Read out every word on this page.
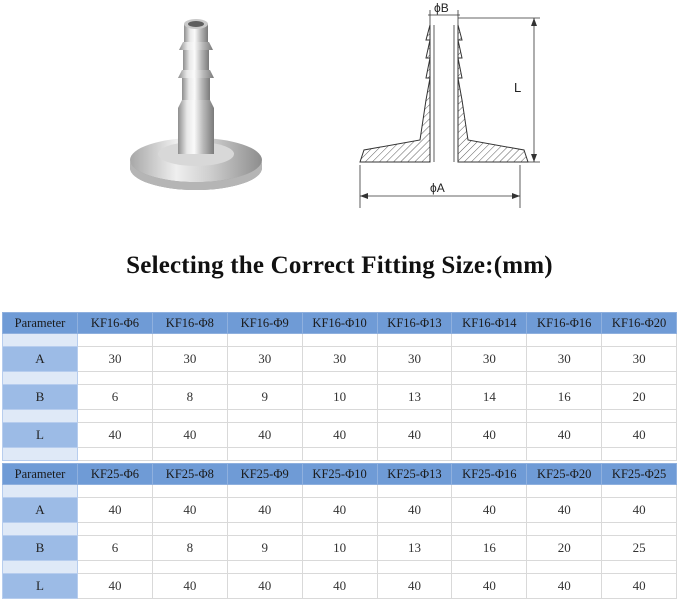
ϕB
L
ϕA
Selecting the Correct Fitting Size:(mm)
Parameter	KF16-Φ6	KF16-Φ8	KF16-Φ9	KF16-Φ10	KF16-Φ13	KF16-Φ14	KF16-Φ16	KF16-Φ20

A	30	30	30	30	30	30	30	30

B	6	8	9	10	13	14	16	20

L	40	40	40	40	40	40	40	40

Parameter	KF25-Φ6	KF25-Φ8	KF25-Φ9	KF25-Φ10	KF25-Φ13	KF25-Φ16	KF25-Φ20	KF25-Φ25

A	40	40	40	40	40	40	40	40

B	6	8	9	10	13	16	20	25

L	40	40	40	40	40	40	40	40
